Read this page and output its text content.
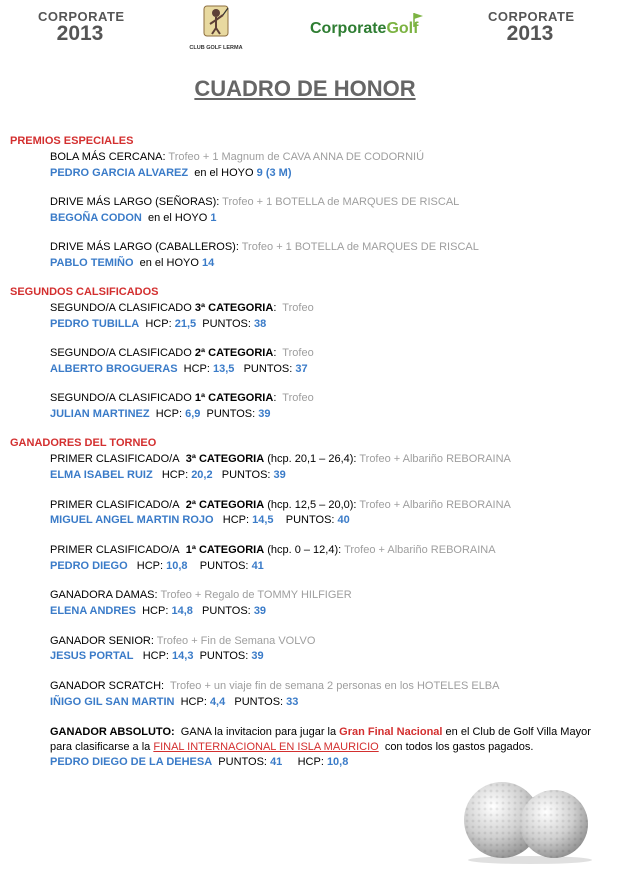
CORPORATE
2013
CLUB GOLF LERMA
CorporateGolf
CORPORATE
2013
CUADRO DE HONOR
PREMIOS ESPECIALES
BOLA MÁS CERCANA: Trofeo + 1 Magnum de CAVA ANNA DE CODORNIÚ
PEDRO GARCIA ALVAREZ en el HOYO 9 (3 M)
DRIVE MÁS LARGO (SEÑORAS): Trofeo + 1 BOTELLA de MARQUES DE RISCAL
BEGOÑA CODON en el HOYO 1
DRIVE MÁS LARGO (CABALLEROS): Trofeo + 1 BOTELLA de MARQUES DE RISCAL
PABLO TEMIÑO en el HOYO 14
SEGUNDOS CALSIFICADOS
SEGUNDO/A CLASIFICADO 3ª CATEGORIA: Trofeo
PEDRO TUBILLA HCP: 21,5 PUNTOS: 38
SEGUNDO/A CLASIFICADO 2ª CATEGORIA: Trofeo
ALBERTO BROGUERAS HCP: 13,5 PUNTOS: 37
SEGUNDO/A CLASIFICADO 1ª CATEGORIA: Trofeo
JULIAN MARTINEZ HCP: 6,9 PUNTOS: 39
GANADORES DEL TORNEO
PRIMER CLASIFICADO/A 3ª CATEGORIA (hcp. 20,1 – 26,4): Trofeo + Albariño REBORAINA
ELMA ISABEL RUIZ HCP: 20,2 PUNTOS: 39
PRIMER CLASIFICADO/A 2ª CATEGORIA (hcp. 12,5 – 20,0): Trofeo + Albariño REBORAINA
MIGUEL ANGEL MARTIN ROJO HCP: 14,5 PUNTOS: 40
PRIMER CLASIFICADO/A 1ª CATEGORIA (hcp. 0 – 12,4): Trofeo + Albariño REBORAINA
PEDRO DIEGO HCP: 10,8 PUNTOS: 41
GANADORA DAMAS: Trofeo + Regalo de TOMMY HILFIGER
ELENA ANDRES HCP: 14,8 PUNTOS: 39
GANADOR SENIOR: Trofeo + Fin de Semana VOLVO
JESUS PORTAL HCP: 14,3 PUNTOS: 39
GANADOR SCRATCH: Trofeo + un viaje fin de semana 2 personas en los HOTELES ELBA
IÑIGO GIL SAN MARTIN HCP: 4,4 PUNTOS: 33
GANADOR ABSOLUTO: GANA la invitacion para jugar la Gran Final Nacional en el Club de Golf Villa Mayor
para clasificarse a la FINAL INTERNACIONAL EN ISLA MAURICIO con todos los gastos pagados.
PEDRO DIEGO DE LA DEHESA PUNTOS: 41 HCP: 10,8
